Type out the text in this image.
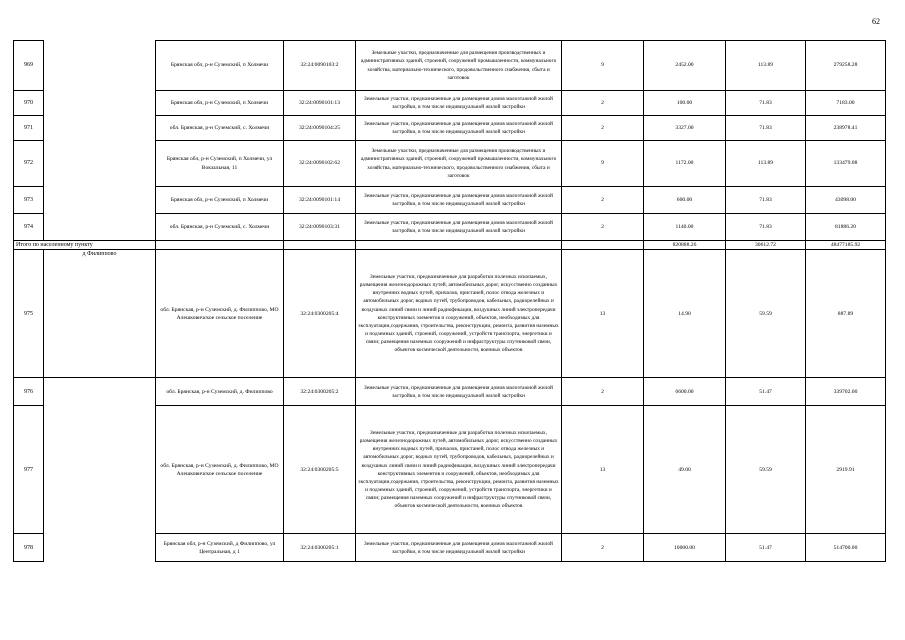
62
969		Брянская обл, р-н Суземский, п Холмечи	32:24:0090103:2	Земельные участки, предназначенные для размещения производственных и административных зданий, строений, сооружений промышленности, коммунального хозяйства, материально-технического, продовольственного снабжения, сбыта и заготовок	9	2452.00	113.89	279258.28
970		Брянская обл, р-н Суземский, п Холмечи	32:24:0090101:13	Земельные участки, предназначенные для размещения домов малоэтажной жилой застройки, в том числе индивидуальной жилой застройки	2	100.00	71.83	7183.00
971		обл. Брянская, р-н Суземский, с. Холмечи	32:24:0090104:25	Земельные участки, предназначенные для размещения домов малоэтажной жилой застройки, в том числе индивидуальной жилой застройки	2	3327.00	71.83	238978.41
972		Брянская обл, р-н Суземский, п Холмечи, ул Вокзальная, 11	32:24:0090102:62	Земельные участки, предназначенные для размещения производственных и административных зданий, строений, сооружений промышленности, коммунального хозяйства, материально-технического, продовольственного снабжения, сбыта и заготовок	9	1172.00	113.89	133479.08
973		Брянская обл, р-н Суземский, п Холмечи	32:24:0090101:14	Земельные участки, предназначенные для размещения домов малоэтажной жилой застройки, в том числе индивидуальной жилой застройки	2	600.00	71.83	43098.00
974		обл. Брянская, р-н Суземский, с. Холмечи	32:24:0090103:31	Земельные участки, предназначенные для размещения домов малоэтажной жилой застройки, в том числе индивидуальной жилой застройки	2	1140.00	71.83	81886.20
Итого по населенному пункту						820888.26	30612.72	48477185.92
975	д Филиппово	обл. Брянская, р-н Суземский, д. Филиппово, МО Алешковичское сельское поселение	32:24:0300205:4	Земельные участки, предназначенные для разработки полезных ископаемых, размещения железнодорожных путей, автомобильных дорог, искусственно созданных внутренних водных путей, причалов, пристаней, полос отвода железных и автомобильных дорог, водных путей, трубопроводов, кабельных, радиорелейных и воздушных линий связи и линий радиофикации, воздушных линий электропередачи конструктивных элементов и сооружений, объектов, необходимых для эксплуатации,содержания, строительства, реконструкции, ремонта, развития наземных и подземных зданий, строений, сооружений, устройств транспорта, энергетики и связи; размещения наземных сооружений и инфраструктуры спутниковой связи, объектов космической деятельности, военных объектов	13	14.90	59.59	887.89
976		обл. Брянская, р-н Суземский, д. Филиппово	32:24:0300205:2	Земельные участки, предназначенные для размещения домов малоэтажной жилой застройки, в том числе индивидуальной жилой застройки	2	6600.00	51.47	339702.00
977		обл. Брянская, р-н Суземский, д. Филиппово, МО Алешковичское сельское поселение	32:24:0300205:5	Земельные участки, предназначенные для разработки полезных ископаемых, размещения железнодорожных путей, автомобильных дорог, искусственно созданных внутренних водных путей, причалов, пристаней, полос отвода железных и автомобильных дорог, водных путей, трубопроводов, кабельных, радиорелейных и воздушных линий связи и линий радиофикации, воздушных линий электропередачи конструктивных элементов и сооружений, объектов, необходимых для эксплуатации,содержания, строительства, реконструкции, ремонта, развития наземных и подземных зданий, строений, сооружений, устройств транспорта, энергетики и связи; размещения наземных сооружений и инфраструктуры спутниковой связи, объектов космической деятельности, военных объектов	13	49.00	59.59	2919.91
978		Брянская обл, р-н Суземский, д Филиппово, ул Центральная, д 1	32:24:0300205:1	Земельные участки, предназначенные для размещения домов малоэтажной жилой застройки, в том числе индивидуальной жилой застройки	2	10000.00	51.47	514700.00
